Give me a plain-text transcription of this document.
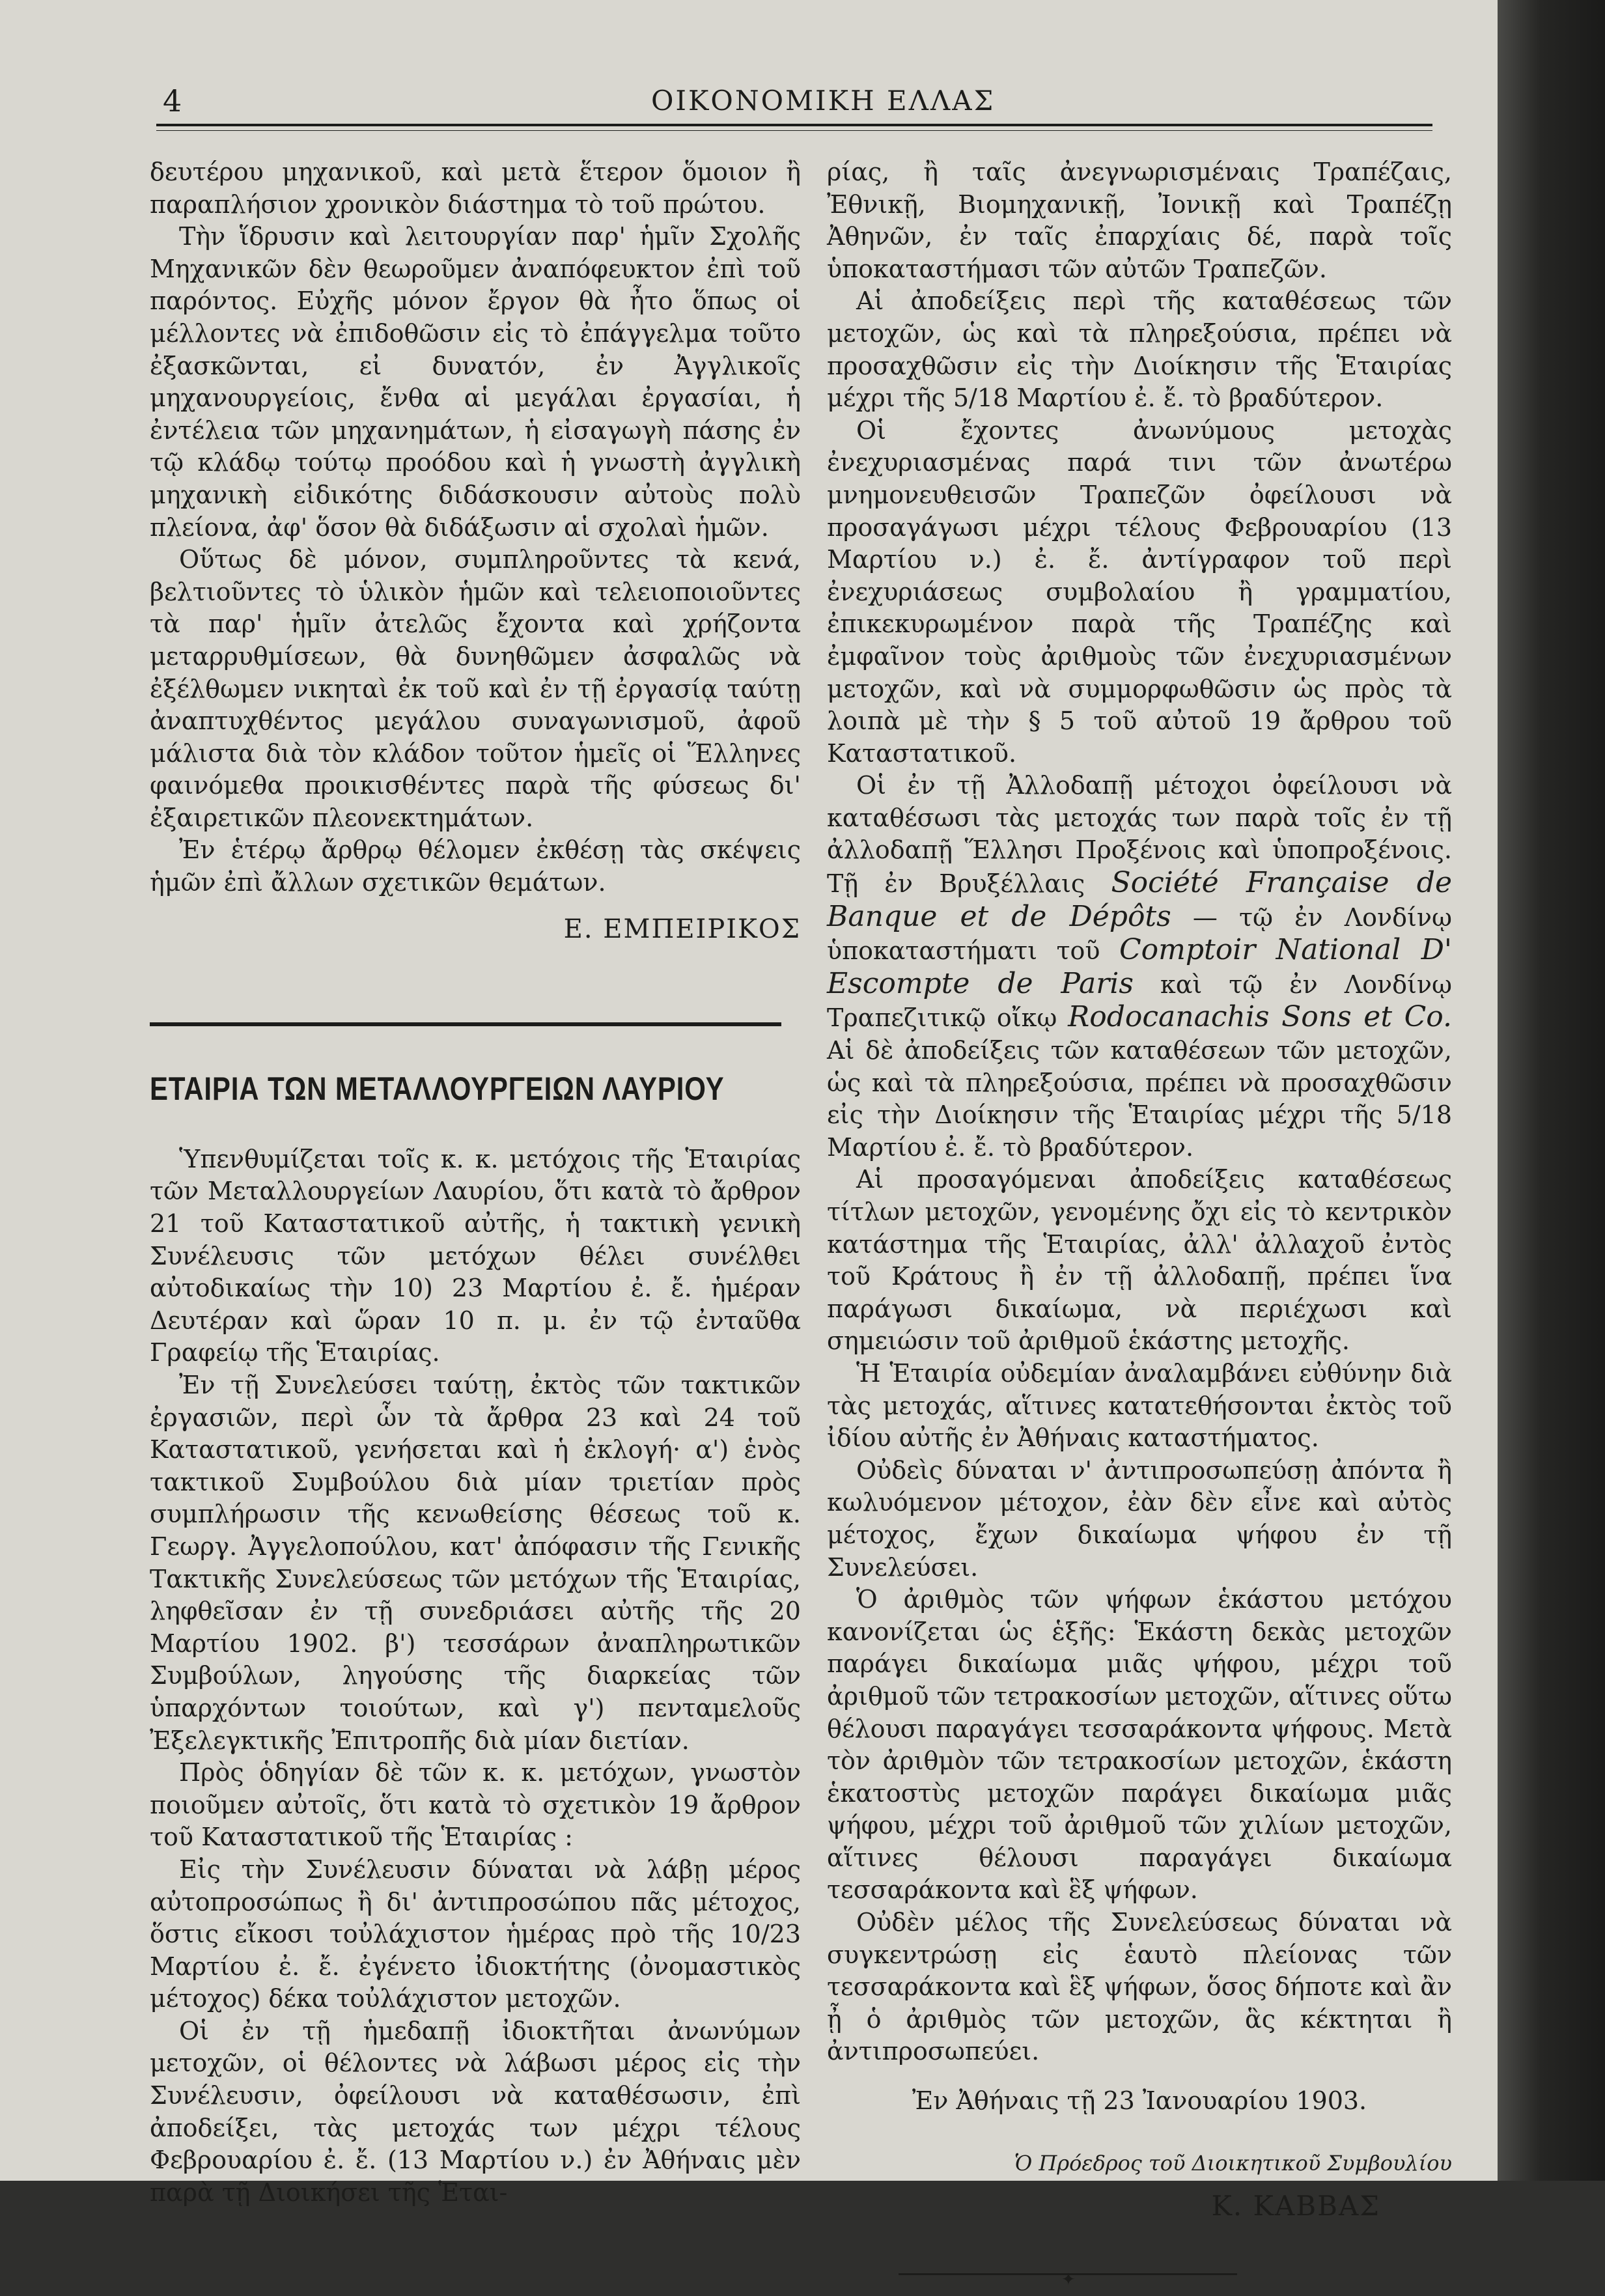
4	ΟΙΚΟΝΟΜΙΚΗ ΕΛΛΑΣ

δευτέρου μηχανικοῦ, καὶ μετὰ ἕτερον ὅμοιον ἢ παραπλήσιον χρονικὸν διάστημα τὸ τοῦ πρώτου.

Τὴν ἵδρυσιν καὶ λειτουργίαν παρ' ἡμῖν Σχολῆς Μηχανικῶν δὲν θεωροῦμεν ἀναπόφευκτον ἐπὶ τοῦ παρόντος. Εὐχῆς μόνον ἔργον θὰ ἦτο ὅπως οἱ μέλλοντες νὰ ἐπιδοθῶσιν εἰς τὸ ἐπάγγελμα τοῦτο ἐξασκῶνται, εἰ δυνατόν, ἐν Ἀγγλικοῖς μηχανουργείοις, ἔνθα αἱ μεγάλαι ἐργασίαι, ἡ ἐντέλεια τῶν μηχανημάτων, ἡ εἰσαγωγὴ πάσης ἐν τῷ κλάδῳ τούτῳ προόδου καὶ ἡ γνωστὴ ἀγγλικὴ μηχανικὴ εἰδικότης διδάσκουσιν αὐτοὺς πολὺ πλείονα, ἀφ' ὅσον θὰ διδάξωσιν αἱ σχολαὶ ἡμῶν.

Οὕτως δὲ μόνον, συμπληροῦντες τὰ κενά, βελτιοῦντες τὸ ὑλικὸν ἡμῶν καὶ τελειοποιοῦντες τὰ παρ' ἡμῖν ἀτελῶς ἔχοντα καὶ χρήζοντα μεταρρυθμίσεων, θὰ δυνηθῶμεν ἀσφαλῶς νὰ ἐξέλθωμεν νικηταὶ ἐκ τοῦ καὶ ἐν τῇ ἐργασίᾳ ταύτῃ ἀναπτυχθέντος μεγάλου συναγωνισμοῦ, ἀφοῦ μάλιστα διὰ τὸν κλάδον τοῦτον ἡμεῖς οἱ Ἕλληνες φαινόμεθα προικισθέντες παρὰ τῆς φύσεως δι' ἐξαιρετικῶν πλεονεκτημάτων.

Ἐν ἑτέρῳ ἄρθρῳ θέλομεν ἐκθέσῃ τὰς σκέψεις ἡμῶν ἐπὶ ἄλλων σχετικῶν θεμάτων.

Ε. ΕΜΠΕΙΡΙΚΟΣ
ΕΤΑΙΡΙΑ ΤΩΝ ΜΕΤΑΛΛΟΥΡΓΕΙΩΝ ΛΑΥΡΙΟΥ

Ὑπενθυμίζεται τοῖς κ. κ. μετόχοις τῆς Ἑταιρίας τῶν Μεταλλουργείων Λαυρίου, ὅτι κατὰ τὸ ἄρθρον 21 τοῦ Καταστατικοῦ αὐτῆς, ἡ τακτικὴ γενικὴ Συνέλευσις τῶν μετόχων θέλει συνέλθει αὐτοδικαίως τὴν 10) 23 Μαρτίου ἐ. ἔ. ἡμέραν Δευτέραν καὶ ὥραν 10 π. μ. ἐν τῷ ἐνταῦθα Γραφείῳ τῆς Ἑταιρίας.

Ἐν τῇ Συνελεύσει ταύτῃ, ἐκτὸς τῶν τακτικῶν ἐργασιῶν, περὶ ὧν τὰ ἄρθρα 23 καὶ 24 τοῦ Καταστατικοῦ, γενήσεται καὶ ἡ ἐκλογή· α') ἑνὸς τακτικοῦ Συμβούλου διὰ μίαν τριετίαν πρὸς συμπλήρωσιν τῆς κενωθείσης θέσεως τοῦ κ. Γεωργ. Ἀγγελοπούλου, κατ' ἀπόφασιν τῆς Γενικῆς Τακτικῆς Συνελεύσεως τῶν μετόχων τῆς Ἑταιρίας, ληφθεῖσαν ἐν τῇ συνεδριάσει αὐτῆς τῆς 20 Μαρτίου 1902. β') τεσσάρων ἀναπληρωτικῶν Συμβούλων, ληγούσης τῆς διαρκείας τῶν ὑπαρχόντων τοιούτων, καὶ γ') πενταμελοῦς Ἐξελεγκτικῆς Ἐπιτροπῆς διὰ μίαν διετίαν.

Πρὸς ὁδηγίαν δὲ τῶν κ. κ. μετόχων, γνωστὸν ποιοῦμεν αὐτοῖς, ὅτι κατὰ τὸ σχετικὸν 19 ἄρθρον τοῦ Καταστατικοῦ τῆς Ἑταιρίας :

Εἰς τὴν Συνέλευσιν δύναται νὰ λάβῃ μέρος αὐτοπροσώπως ἢ δι' ἀντιπροσώπου πᾶς μέτοχος, ὅστις εἴκοσι τοὐλάχιστον ἡμέρας πρὸ τῆς 10/23 Μαρτίου ἐ. ἔ. ἐγένετο ἰδιοκτήτης (ὀνομαστικὸς μέτοχος) δέκα τοὐλάχιστον μετοχῶν.

Οἱ ἐν τῇ ἡμεδαπῇ ἰδιοκτῆται ἀνωνύμων μετοχῶν, οἱ θέλοντες νὰ λάβωσι μέρος εἰς τὴν Συνέλευσιν, ὀφείλουσι νὰ καταθέσωσιν, ἐπὶ ἀποδείξει, τὰς μετοχάς των μέχρι τέλους Φεβρουαρίου ἐ. ἔ. (13 Μαρτίου ν.) ἐν Ἀθήναις μὲν παρὰ τῇ Διοικήσει τῆς Ἑται-

ρίας, ἢ ταῖς ἀνεγνωρισμέναις Τραπέζαις, Ἐθνικῇ, Βιομηχανικῇ, Ἰονικῇ καὶ Τραπέζῃ Ἀθηνῶν, ἐν ταῖς ἐπαρχίαις δέ, παρὰ τοῖς ὑποκαταστήμασι τῶν αὐτῶν Τραπεζῶν.

Αἱ ἀποδείξεις περὶ τῆς καταθέσεως τῶν μετοχῶν, ὡς καὶ τὰ πληρεξούσια, πρέπει νὰ προσαχθῶσιν εἰς τὴν Διοίκησιν τῆς Ἑταιρίας μέχρι τῆς 5/18 Μαρτίου ἐ. ἔ. τὸ βραδύτερον.

Οἱ ἔχοντες ἀνωνύμους μετοχὰς ἐνεχυριασμένας παρά τινι τῶν ἀνωτέρω μνημονευθεισῶν Τραπεζῶν ὀφείλουσι νὰ προσαγάγωσι μέχρι τέλους Φεβρουαρίου (13 Μαρτίου ν.) ἐ. ἔ. ἀντίγραφον τοῦ περὶ ἐνεχυριάσεως συμβολαίου ἢ γραμματίου, ἐπικεκυρωμένον παρὰ τῆς Τραπέζης καὶ ἐμφαῖνον τοὺς ἀριθμοὺς τῶν ἐνεχυριασμένων μετοχῶν, καὶ νὰ συμμορφωθῶσιν ὡς πρὸς τὰ λοιπὰ μὲ τὴν § 5 τοῦ αὐτοῦ 19 ἄρθρου τοῦ Καταστατικοῦ.

Οἱ ἐν τῇ Ἀλλοδαπῇ μέτοχοι ὀφείλουσι νὰ καταθέσωσι τὰς μετοχάς των παρὰ τοῖς ἐν τῇ ἀλλοδαπῇ Ἕλλησι Προξένοις καὶ ὑποπροξένοις. Τῇ ἐν Βρυξέλλαις Société Française de Banque et de Dépôts — τῷ ἐν Λονδίνῳ ὑποκαταστήματι τοῦ Comptoir National D' Escompte de Paris καὶ τῷ ἐν Λονδίνῳ Τραπεζιτικῷ οἴκῳ Rodocanachis Sons et Co. Αἱ δὲ ἀποδείξεις τῶν καταθέσεων τῶν μετοχῶν, ὡς καὶ τὰ πληρεξούσια, πρέπει νὰ προσαχθῶσιν εἰς τὴν Διοίκησιν τῆς Ἑταιρίας μέχρι τῆς 5/18 Μαρτίου ἐ. ἔ. τὸ βραδύτερον.

Αἱ προσαγόμεναι ἀποδείξεις καταθέσεως τίτλων μετοχῶν, γενομένης ὄχι εἰς τὸ κεντρικὸν κατάστημα τῆς Ἑταιρίας, ἀλλ' ἀλλαχοῦ ἐντὸς τοῦ Κράτους ἢ ἐν τῇ ἀλλοδαπῇ, πρέπει ἵνα παράγωσι δικαίωμα, νὰ περιέχωσι καὶ σημειώσιν τοῦ ἀριθμοῦ ἑκάστης μετοχῆς.

Ἡ Ἑταιρία οὐδεμίαν ἀναλαμβάνει εὐθύνην διὰ τὰς μετοχάς, αἵτινες κατατεθήσονται ἐκτὸς τοῦ ἰδίου αὐτῆς ἐν Ἀθήναις καταστήματος.

Οὐδεὶς δύναται ν' ἀντιπροσωπεύσῃ ἀπόντα ἢ κωλυόμενον μέτοχον, ἐὰν δὲν εἶνε καὶ αὐτὸς μέτοχος, ἔχων δικαίωμα ψήφου ἐν τῇ Συνελεύσει.

Ὁ ἀριθμὸς τῶν ψήφων ἑκάστου μετόχου κανονίζεται ὡς ἑξῆς: Ἑκάστη δεκὰς μετοχῶν παράγει δικαίωμα μιᾶς ψήφου, μέχρι τοῦ ἀριθμοῦ τῶν τετρακοσίων μετοχῶν, αἵτινες οὕτω θέλουσι παραγάγει τεσσαράκοντα ψήφους. Μετὰ τὸν ἀριθμὸν τῶν τετρακοσίων μετοχῶν, ἑκάστη ἑκατοστὺς μετοχῶν παράγει δικαίωμα μιᾶς ψήφου, μέχρι τοῦ ἀριθμοῦ τῶν χιλίων μετοχῶν, αἵτινες θέλουσι παραγάγει δικαίωμα τεσσαράκοντα καὶ ἓξ ψήφων.

Οὐδὲν μέλος τῆς Συνελεύσεως δύναται νὰ συγκεντρώσῃ εἰς ἑαυτὸ πλείονας τῶν τεσσαράκοντα καὶ ἓξ ψήφων, ὅσος δήποτε καὶ ἂν ᾖ ὁ ἀριθμὸς τῶν μετοχῶν, ἃς κέκτηται ἢ ἀντιπροσωπεύει.

Ἐν Ἀθήναις τῇ 23 Ἰανουαρίου 1903.
Ὁ Πρόεδρος τοῦ Διοικητικοῦ Συμβουλίου
Κ. ΚΑΒΒΑΣ
✦
